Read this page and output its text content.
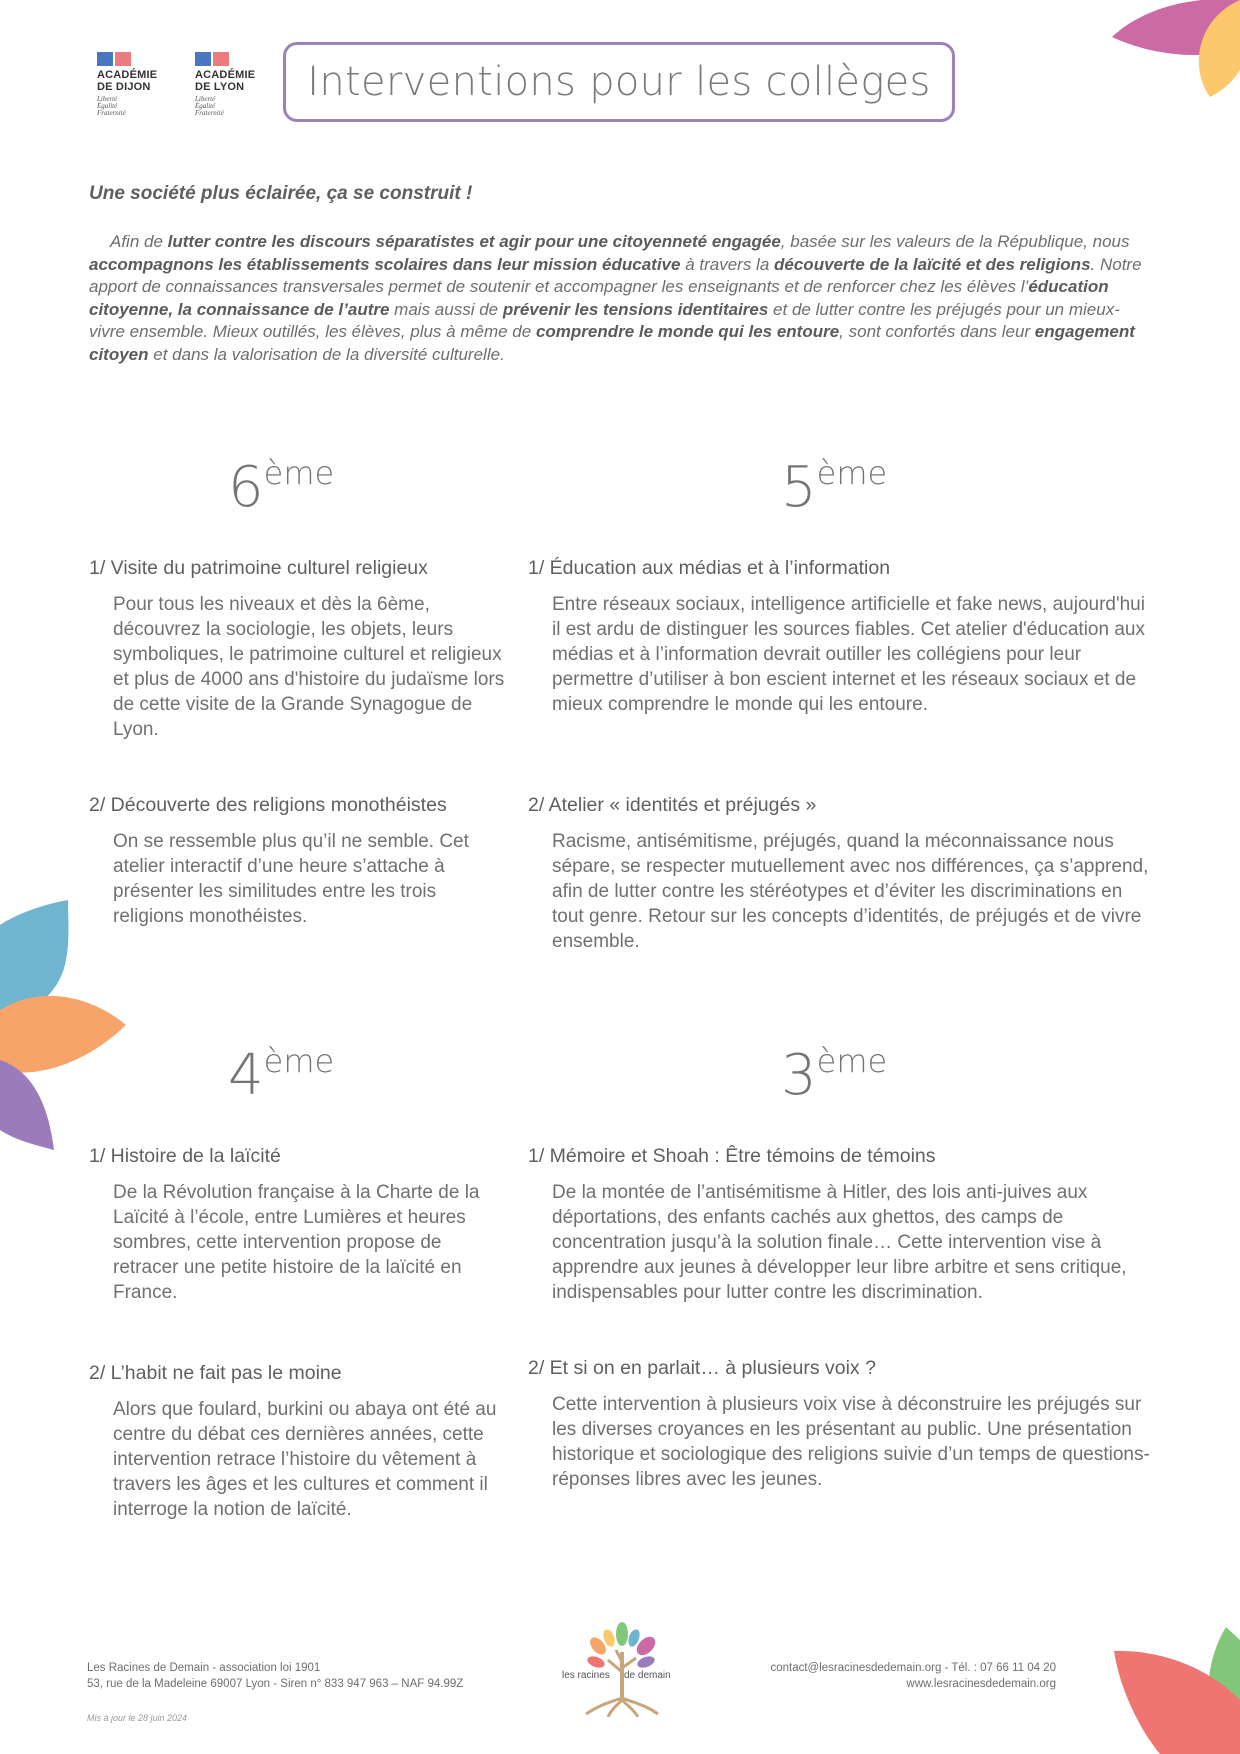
ACADÉMIE
DE DIJON
Liberté
Égalité
Fraternité
ACADÉMIE
DE LYON
Liberté
Égalité
Fraternité
Interventions pour les collèges
Une société plus éclairée, ça se construit !
Afin de lutter contre les discours séparatistes et agir pour une citoyenneté engagée, basée sur les valeurs de la République, nous accompagnons les établissements scolaires dans leur mission éducative à travers la découverte de la laïcité et des religions. Notre apport de connaissances transversales permet de soutenir et accompagner les enseignants et de renforcer chez les élèves l’éducation citoyenne, la connaissance de l’autre mais aussi de prévenir les tensions identitaires et de lutter contre les préjugés pour un mieux-vivre ensemble. Mieux outillés, les élèves, plus à même de comprendre le monde qui les entoure, sont confortés dans leur engagement citoyen et dans la valorisation de la diversité culturelle.
6ème	5ème
4ème	3ème
1/ Visite du patrimoine culturel religieux

Pour tous les niveaux et dès la 6ème, découvrez la sociologie, les objets, leurs symboliques, le patrimoine culturel et religieux et plus de 4000 ans d'histoire du judaïsme lors de cette visite de la Grande Synagogue de Lyon.

2/ Découverte des religions monothéistes

On se ressemble plus qu’il ne semble. Cet atelier interactif d’une heure s’attache à présenter les similitudes entre les trois religions monothéistes.

1/ Éducation aux médias et à l’information

Entre réseaux sociaux, intelligence artificielle et fake news, aujourd'hui il est ardu de distinguer les sources fiables. Cet atelier d'éducation aux médias et à l’information devrait outiller les collégiens pour leur permettre d’utiliser à bon escient internet et les réseaux sociaux et de mieux comprendre le monde qui les entoure.

2/ Atelier « identités et préjugés »

Racisme, antisémitisme, préjugés, quand la méconnaissance nous sépare, se respecter mutuellement avec nos différences, ça s’apprend, afin de lutter contre les stéréotypes et d’éviter les discriminations en tout genre. Retour sur les concepts d’identités, de préjugés et de vivre ensemble.

1/ Histoire de la laïcité

De la Révolution française à la Charte de la Laïcité à l’école, entre Lumières et heures sombres, cette intervention propose de retracer une petite histoire de la laïcité en France.

2/ L’habit ne fait pas le moine

Alors que foulard, burkini ou abaya ont été au centre du débat ces dernières années, cette intervention retrace l’histoire du vêtement à travers les âges et les cultures et comment il interroge la notion de laïcité.

1/ Mémoire et Shoah : Être témoins de témoins

De la montée de l’antisémitisme à Hitler, des lois anti-juives aux déportations, des enfants cachés aux ghettos, des camps de concentration jusqu’à la solution finale… Cette intervention vise à apprendre aux jeunes à développer leur libre arbitre et sens critique, indispensables pour lutter contre les discrimination.

2/ Et si on en parlait… à plusieurs voix ?

Cette intervention à plusieurs voix vise à déconstruire les préjugés sur les diverses croyances en les présentant au public. Une présentation historique et sociologique des religions suivie d’un temps de questions-réponses libres avec les jeunes.

Les Racines de Demain - association loi 1901
53, rue de la Madeleine 69007 Lyon - Siren n° 833 947 963 – NAF 94.99Z
Mis à jour le 28 juin 2024
les racines de demain
contact@lesracinesdedemain.org - Tél. : 07 66 11 04 20
www.lesracinesdedemain.org
